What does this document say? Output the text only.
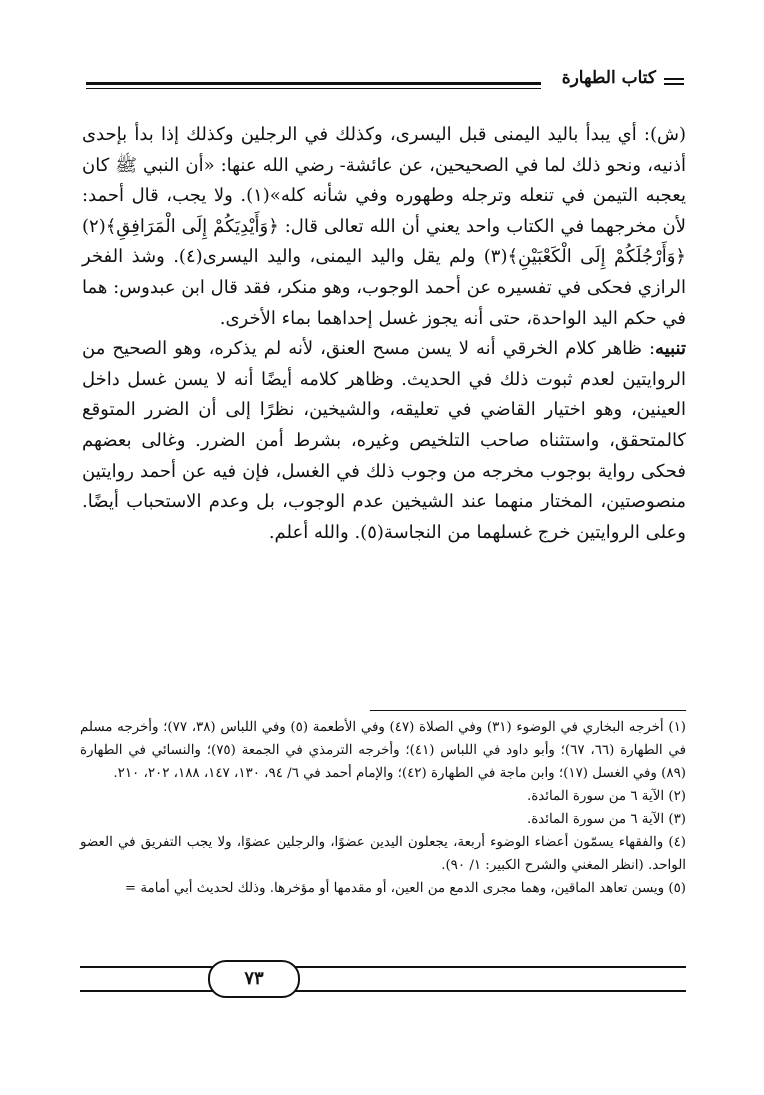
كتاب الطهارة

(ش): أي يبدأ باليد اليمنى قبل اليسرى، وكذلك في الرجلين وكذلك إذا بدأ بإحدى أذنيه، ونحو ذلك لما في الصحيحين، عن عائشة- رضي الله عنها: «أن النبي ﷺ كان يعجبه التيمن في تنعله وترجله وطهوره وفي شأنه كله»(١). ولا يجب، قال أحمد: لأن مخرجهما في الكتاب واحد يعني أن الله تعالى قال: ﴿وَأَيْدِيَكُمْ إِلَى الْمَرَافِقِ﴾(٢) ﴿وَأَرْجُلَكُمْ إِلَى الْكَعْبَيْنِ﴾(٣) ولم يقل واليد اليمنى، واليد اليسرى(٤). وشذ الفخر الرازي فحكى في تفسيره عن أحمد الوجوب، وهو منكر، فقد قال ابن عبدوس: هما في حكم اليد الواحدة، حتى أنه يجوز غسل إحداهما بماء الأخرى.

تنبيه: ظاهر كلام الخرقي أنه لا يسن مسح العنق، لأنه لم يذكره، وهو الصحيح من الروايتين لعدم ثبوت ذلك في الحديث. وظاهر كلامه أيضًا أنه لا يسن غسل داخل العينين، وهو اختيار القاضي في تعليقه، والشيخين، نظرًا إلى أن الضرر المتوقع كالمتحقق، واستثناه صاحب التلخيص وغيره، بشرط أمن الضرر. وغالى بعضهم فحكى رواية بوجوب مخرجه من وجوب ذلك في الغسل، فإن فيه عن أحمد روايتين منصوصتين، المختار منهما عند الشيخين عدم الوجوب، بل وعدم الاستحباب أيضًا. وعلى الروايتين خرج غسلهما من النجاسة(٥). والله أعلم.

(١) أخرجه البخاري في الوضوء (٣١) وفي الصلاة (٤٧) وفي الأطعمة (٥) وفي اللباس (٣٨، ٧٧)؛ وأخرجه مسلم في الطهارة (٦٦، ٦٧)؛ وأبو داود في اللباس (٤١)؛ وأخرجه الترمذي في الجمعة (٧٥)؛ والنسائي في الطهارة (٨٩) وفي الغسل (١٧)؛ وابن ماجة في الطهارة (٤٢)؛ والإمام أحمد في ٦/ ٩٤، ١٣٠، ١٤٧، ١٨٨، ٢٠٢، ٢١٠.

(٢) الآية ٦ من سورة المائدة.

(٣) الآية ٦ من سورة المائدة.

(٤) والفقهاء يسمّون أعضاء الوضوء أربعة، يجعلون اليدين عضوًا، والرجلين عضوًا، ولا يجب التفريق في العضو الواحد. (انظر المغني والشرح الكبير: ١/ ٩٠).

(٥) ويسن تعاهد الماقين، وهما مجرى الدمع من العين، أو مقدمها أو مؤخرها. وذلك لحديث أبي أمامة =

٧٣
